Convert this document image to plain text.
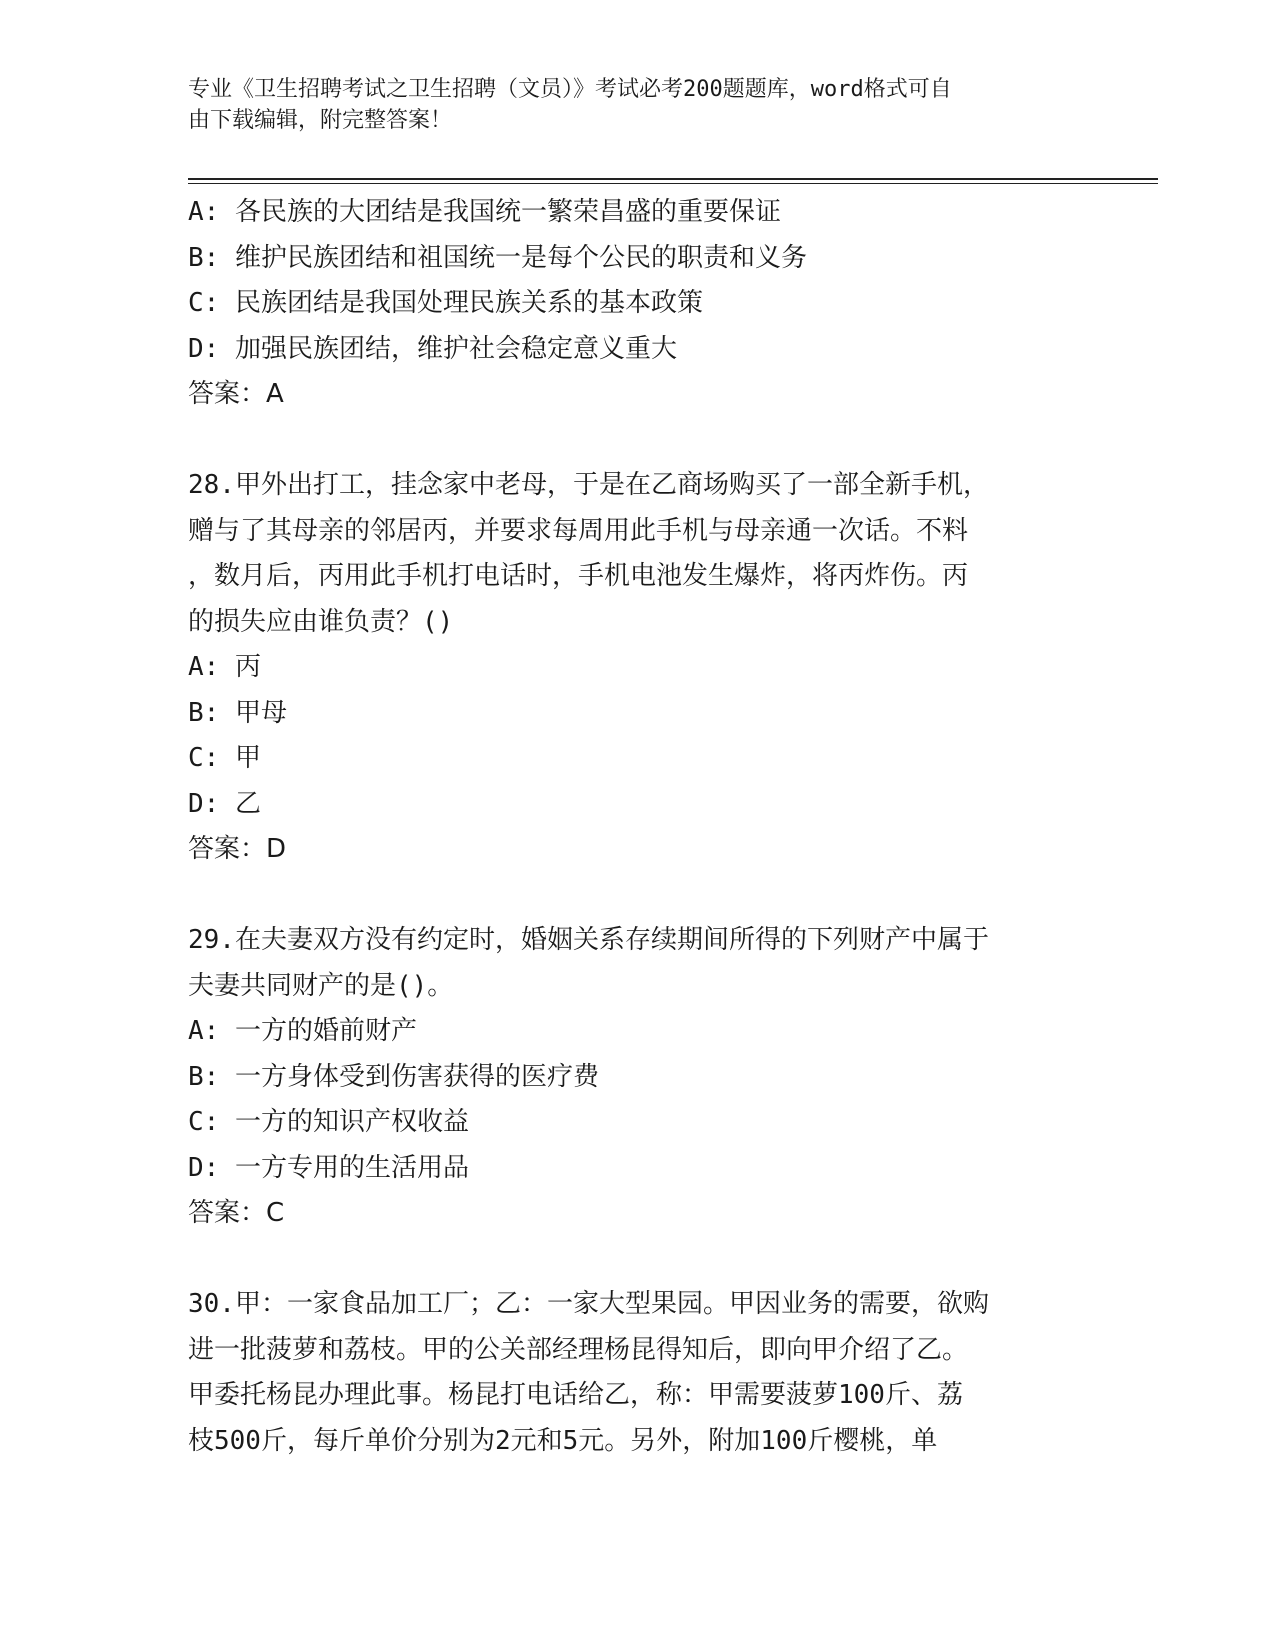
专业《卫生招聘考试之卫生招聘（文员）》考试必考200题题库，word格式可自
由下载编辑，附完整答案！
A: 各民族的大团结是我国统一繁荣昌盛的重要保证
B: 维护民族团结和祖国统一是每个公民的职责和义务
C: 民族团结是我国处理民族关系的基本政策
D: 加强民族团结，维护社会稳定意义重大
答案：A
28.甲外出打工，挂念家中老母，于是在乙商场购买了一部全新手机，
赠与了其母亲的邻居丙，并要求每周用此手机与母亲通一次话。不料
，数月后，丙用此手机打电话时，手机电池发生爆炸，将丙炸伤。丙
的损失应由谁负责？()
A: 丙
B: 甲母
C: 甲
D: 乙
答案：D
29.在夫妻双方没有约定时，婚姻关系存续期间所得的下列财产中属于
夫妻共同财产的是()。
A: 一方的婚前财产
B: 一方身体受到伤害获得的医疗费
C: 一方的知识产权收益
D: 一方专用的生活用品
答案：C
30.甲：一家食品加工厂；乙：一家大型果园。甲因业务的需要，欲购
进一批菠萝和荔枝。甲的公关部经理杨昆得知后，即向甲介绍了乙。
甲委托杨昆办理此事。杨昆打电话给乙，称：甲需要菠萝100斤、荔
枝500斤，每斤单价分别为2元和5元。另外，附加100斤樱桃，单
